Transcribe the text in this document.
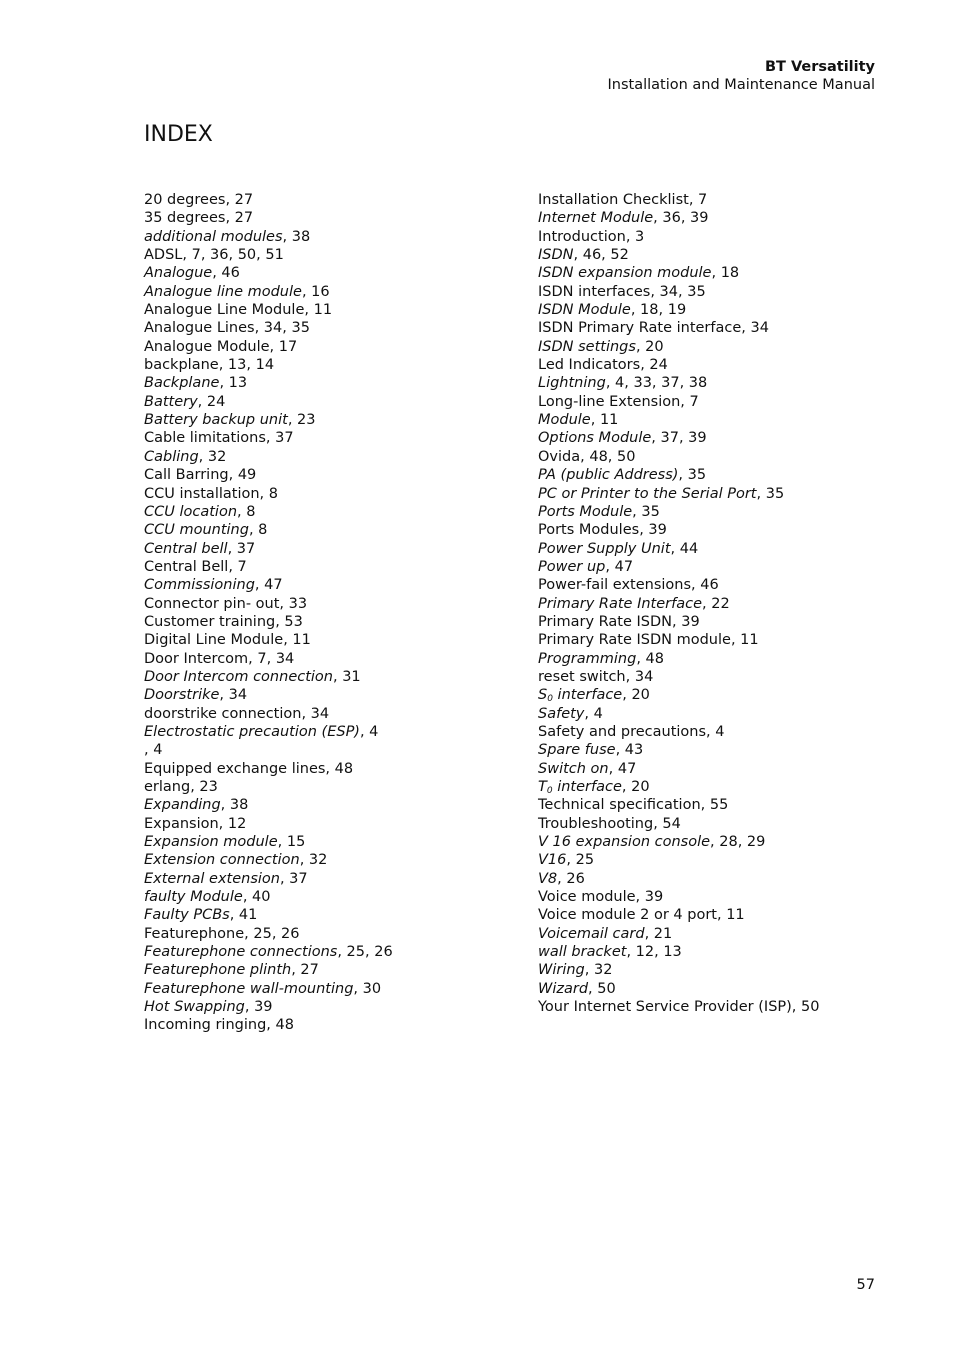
BT Versatility
Installation and Maintenance Manual
INDEX
20 degrees, 27
35 degrees, 27
additional modules, 38
ADSL, 7, 36, 50, 51
Analogue, 46
Analogue line module, 16
Analogue Line Module, 11
Analogue Lines, 34, 35
Analogue Module, 17
backplane, 13, 14
Backplane, 13
Battery, 24
Battery backup unit, 23
Cable limitations, 37
Cabling, 32
Call Barring, 49
CCU installation, 8
CCU location, 8
CCU mounting, 8
Central bell, 37
Central Bell, 7
Commissioning, 47
Connector pin- out, 33
Customer training, 53
Digital Line Module, 11
Door Intercom, 7, 34
Door Intercom connection, 31
Doorstrike, 34
doorstrike connection, 34
Electrostatic precaution (ESP), 4
, 4
Equipped exchange lines, 48
erlang, 23
Expanding, 38
Expansion, 12
Expansion module, 15
Extension connection, 32
External extension, 37
faulty Module, 40
Faulty PCBs, 41
Featurephone, 25, 26
Featurephone connections, 25, 26
Featurephone plinth, 27
Featurephone wall-mounting, 30
Hot Swapping, 39
Incoming ringing, 48
Installation Checklist, 7
Internet Module, 36, 39
Introduction, 3
ISDN, 46, 52
ISDN expansion module, 18
ISDN interfaces, 34, 35
ISDN Module, 18, 19
ISDN Primary Rate interface, 34
ISDN settings, 20
Led Indicators, 24
Lightning, 4, 33, 37, 38
Long-line Extension, 7
Module, 11
Options Module, 37, 39
Ovida, 48, 50
PA (public Address), 35
PC or Printer to the Serial Port, 35
Ports Module, 35
Ports Modules, 39
Power Supply Unit, 44
Power up, 47
Power-fail extensions, 46
Primary Rate Interface, 22
Primary Rate ISDN, 39
Primary Rate ISDN module, 11
Programming, 48
reset switch, 34
$S_0$ interface, 20
Safety, 4
Safety and precautions, 4
Spare fuse, 43
Switch on, 47
$T_0$ interface, 20
Technical specification, 55
Troubleshooting, 54
V 16 expansion console, 28, 29
V16, 25
V8, 26
Voice module, 39
Voice module 2 or 4 port, 11
Voicemail card, 21
wall bracket, 12, 13
Wiring, 32
Wizard, 50
Your Internet Service Provider (ISP), 50
57
